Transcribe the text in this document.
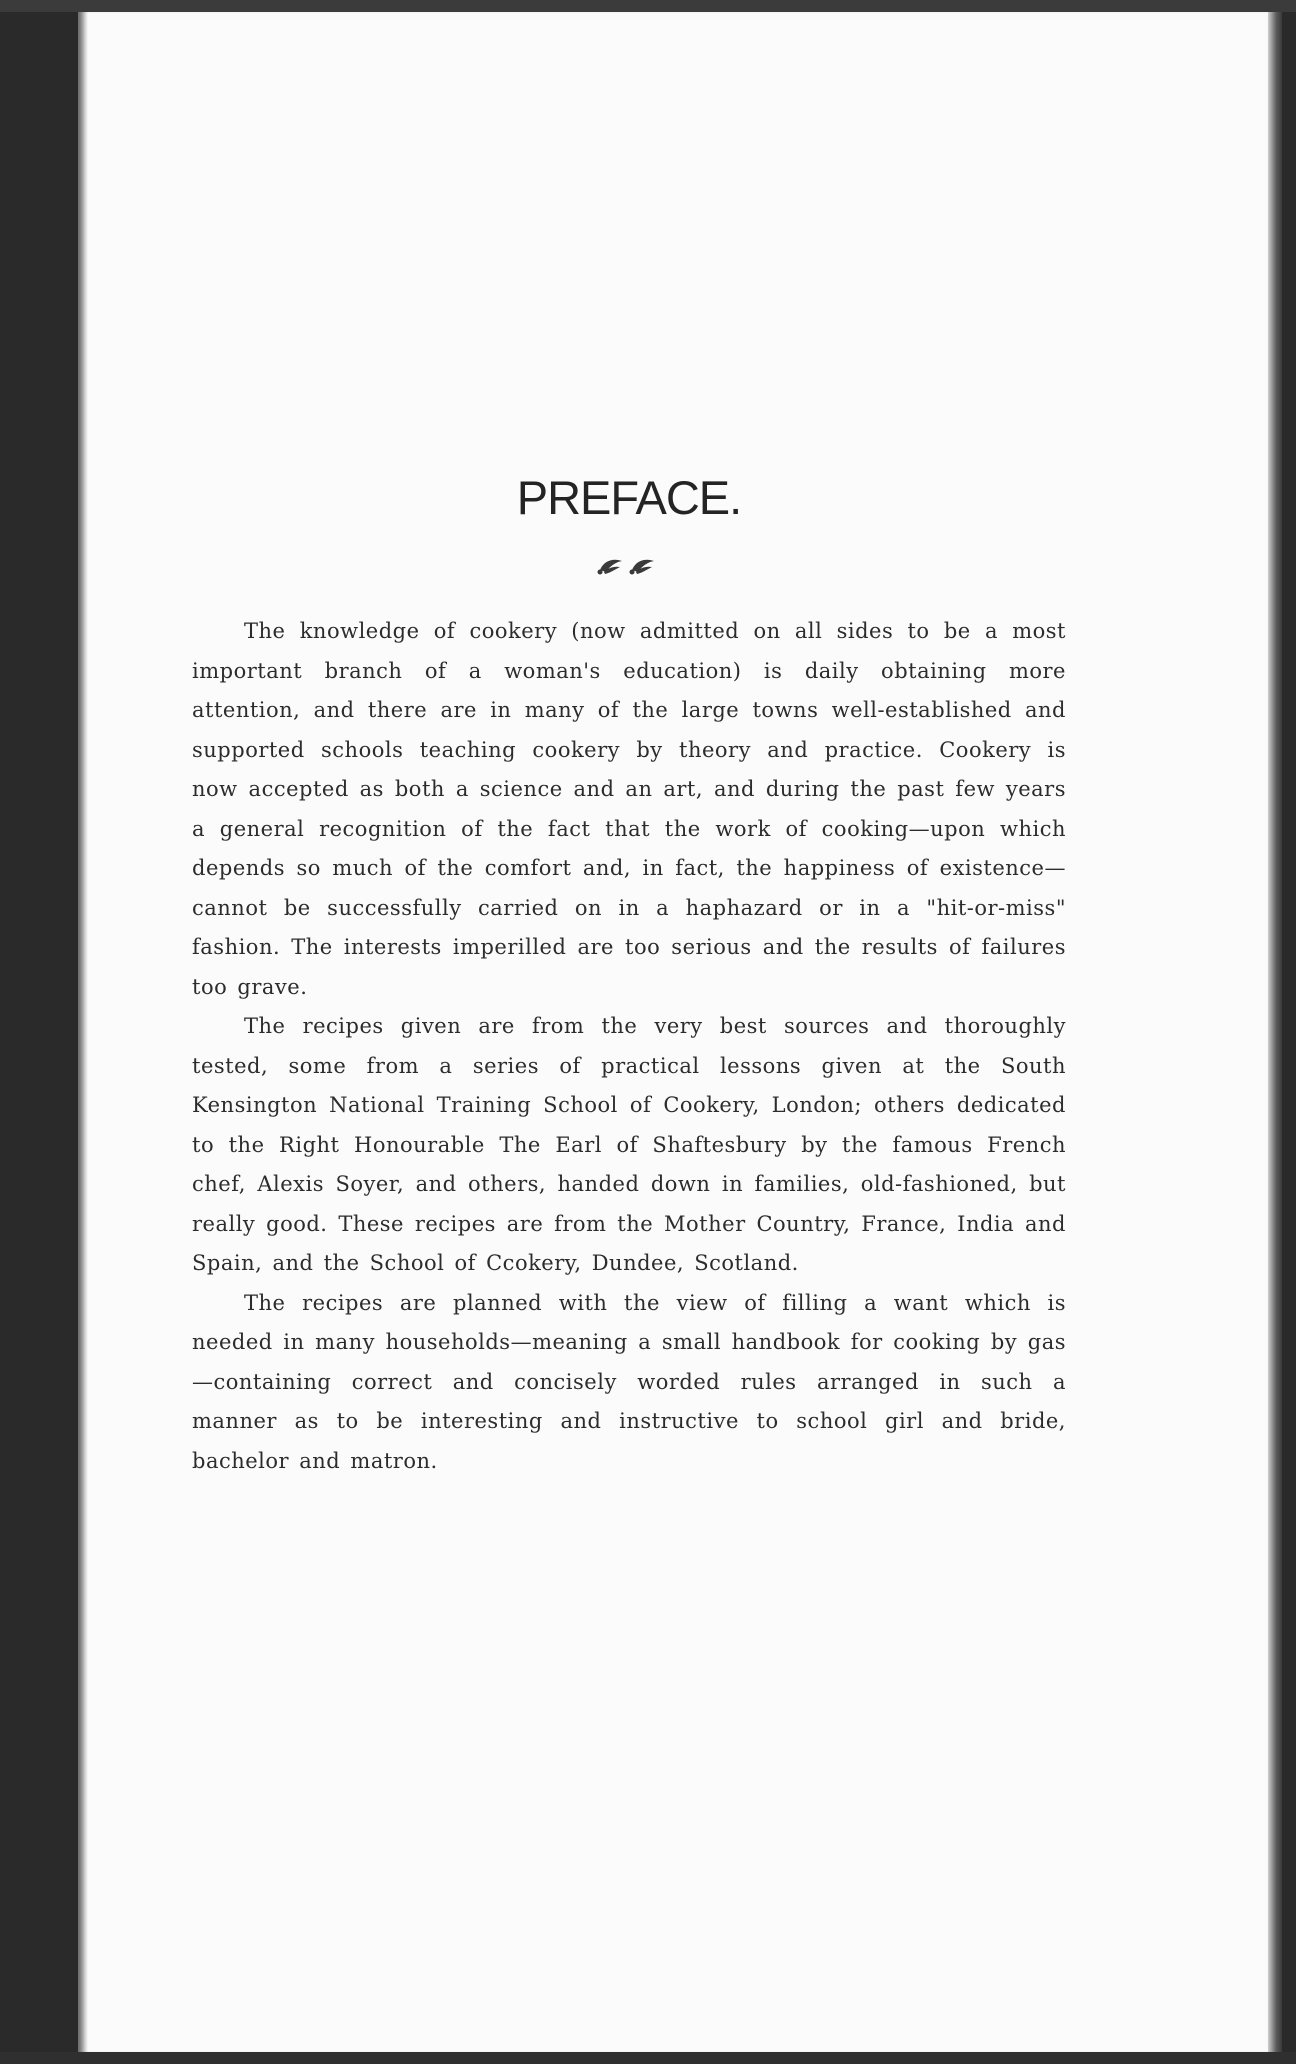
PREFACE.

The knowledge of cookery (now admitted on all sides to be a most important branch of a woman's education) is daily obtaining more attention, and there are in many of the large towns well-established and supported schools teaching cookery by theory and practice. Cookery is now accepted as both a science and an art, and during the past few years a general recognition of the fact that the work of cooking—upon which depends so much of the comfort and, in fact, the happiness of existence—cannot be successfully carried on in a haphazard or in a "hit-or-miss" fashion. The interests imperilled are too serious and the results of failures too grave.

The recipes given are from the very best sources and thoroughly tested, some from a series of practical lessons given at the South Kensington National Training School of Cookery, London; others dedicated to the Right Honourable The Earl of Shaftesbury by the famous French chef, Alexis Soyer, and others, handed down in families, old-fashioned, but really good. These recipes are from the Mother Country, France, India and Spain, and the School of Ccokery, Dundee, Scotland.

The recipes are planned with the view of filling a want which is needed in many households—meaning a small handbook for cooking by gas—containing correct and concisely worded rules arranged in such a manner as to be interesting and instructive to school girl and bride, bachelor and matron.
